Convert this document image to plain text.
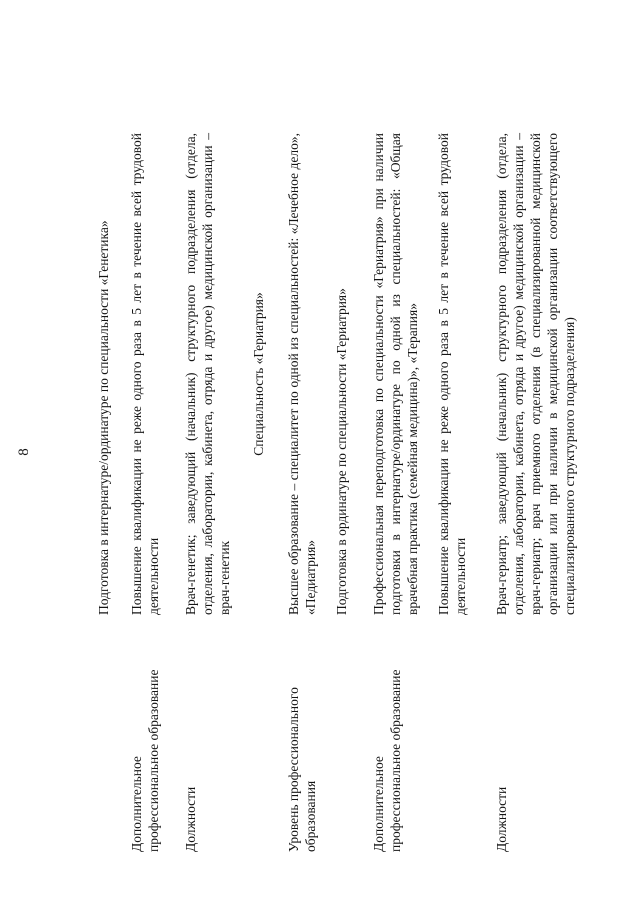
8	Подготовка в интернатуре/ординатуре по специальности «Генетика»
Дополнительное профессиональное образование
Повышение квалификации не реже одного раза в 5 лет в течение всей трудовой деятельности
Должности
Врач-генетик; заведующий (начальник) структурного подразделения (отдела, отделения, лаборатории, кабинета, отряда и другое) медицинской организации – врач-генетик
Специальность «Гериатрия»
Уровень профессионального образования

Высшее образование – специалитет по одной из специальностей: «Лечебное дело», «Педиатрия» Подготовка в ординатуре по специальности «Гериатрия»

Дополнительное профессиональное образование

Профессиональная переподготовка по специальности «Гериатрия» при наличии подготовки в интернатуре/ординатуре по одной из специальностей: «Общая врачебная практика (семейная медицина)», «Терапия» Повышение квалификации не реже одного раза в 5 лет в течение всей трудовой деятельности

Должности
Врач-гериатр; заведующий (начальник) структурного подразделения (отдела, отделения, лаборатории, кабинета, отряда и другое) медицинской организации – врач-гериатр; врач приемного отделения (в специализированной медицинской организации или при наличии в медицинской организации соответствующего специализированного структурного подразделения)
